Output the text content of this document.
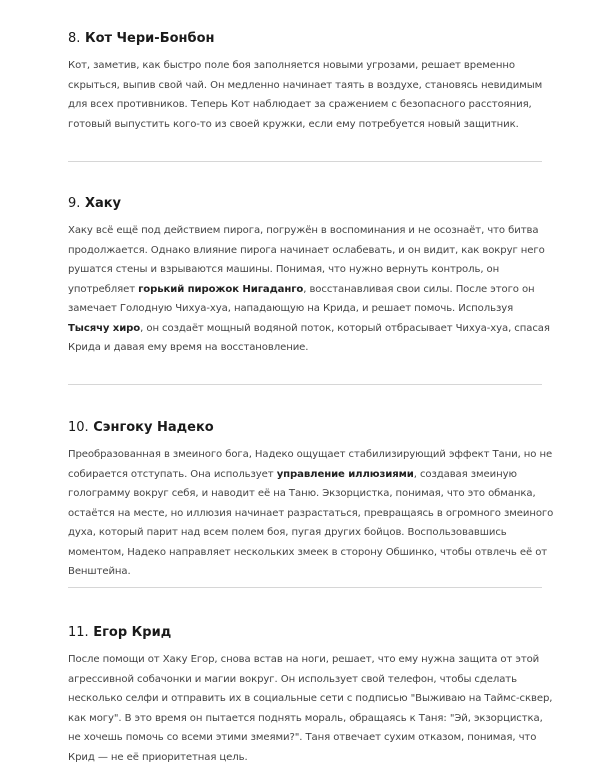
8. Кот Чери-Бонбон

Кот, заметив, как быстро поле боя заполняется новыми угрозами, решает временно скрыться, выпив свой чай. Он медленно начинает таять в воздухе, становясь невидимым для всех противников. Теперь Кот наблюдает за сражением с безопасного расстояния, готовый выпустить кого-то из своей кружки, если ему потребуется новый защитник.

9. Хаку

Хаку всё ещё под действием пирога, погружён в воспоминания и не осознаёт, что битва продолжается. Однако влияние пирога начинает ослабевать, и он видит, как вокруг него рушатся стены и взрываются машины. Понимая, что нужно вернуть контроль, он употребляет горький пирожок Нигаданго, восстанавливая свои силы. После этого он замечает Голодную Чихуа-хуа, нападающую на Крида, и решает помочь. Используя Тысячу хиро, он создаёт мощный водяной поток, который отбрасывает Чихуа-хуа, спасая Крида и давая ему время на восстановление.

10. Сэнгоку Надеко

Преобразованная в змеиного бога, Надеко ощущает стабилизирующий эффект Тани, но не собирается отступать. Она использует управление иллюзиями, создавая змеиную голограмму вокруг себя, и наводит её на Таню. Экзорцистка, понимая, что это обманка, остаётся на месте, но иллюзия начинает разрастаться, превращаясь в огромного змеиного духа, который парит над всем полем боя, пугая других бойцов. Воспользовавшись моментом, Надеко направляет нескольких змеек в сторону Обшинко, чтобы отвлечь её от Венштейна.

11. Егор Крид

После помощи от Хаку Егор, снова встав на ноги, решает, что ему нужна защита от этой агрессивной собачонки и магии вокруг. Он использует свой телефон, чтобы сделать несколько селфи и отправить их в социальные сети с подписью "Выживаю на Таймс-сквер, как могу". В это время он пытается поднять мораль, обращаясь к Таня: "Эй, экзорцистка, не хочешь помочь со всеми этими змеями?". Таня отвечает сухим отказом, понимая, что Крид — не её приоритетная цель.
